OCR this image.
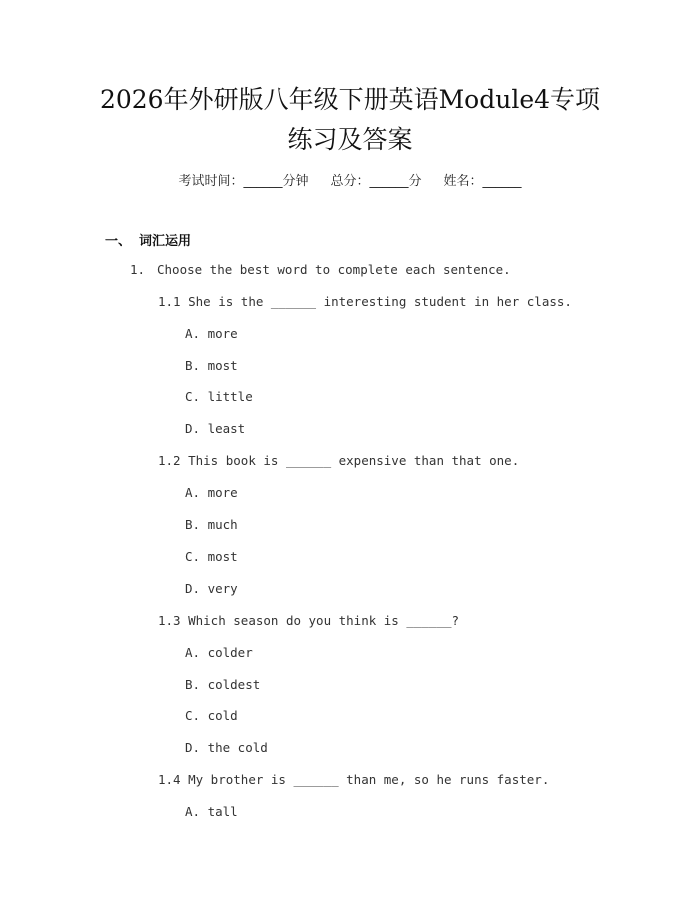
2026年外研版八年级下册英语Module4专项
练习及答案
考试时间：______分钟 总分：______分 姓名：______
一、 词汇运用
1. Choose the best word to complete each sentence.
1.1 She is the ______ interesting student in her class.
A. more
B. most
C. little
D. least
1.2 This book is ______ expensive than that one.
A. more
B. much
C. most
D. very
1.3 Which season do you think is ______?
A. colder
B. coldest
C. cold
D. the cold
1.4 My brother is ______ than me, so he runs faster.
A. tall
